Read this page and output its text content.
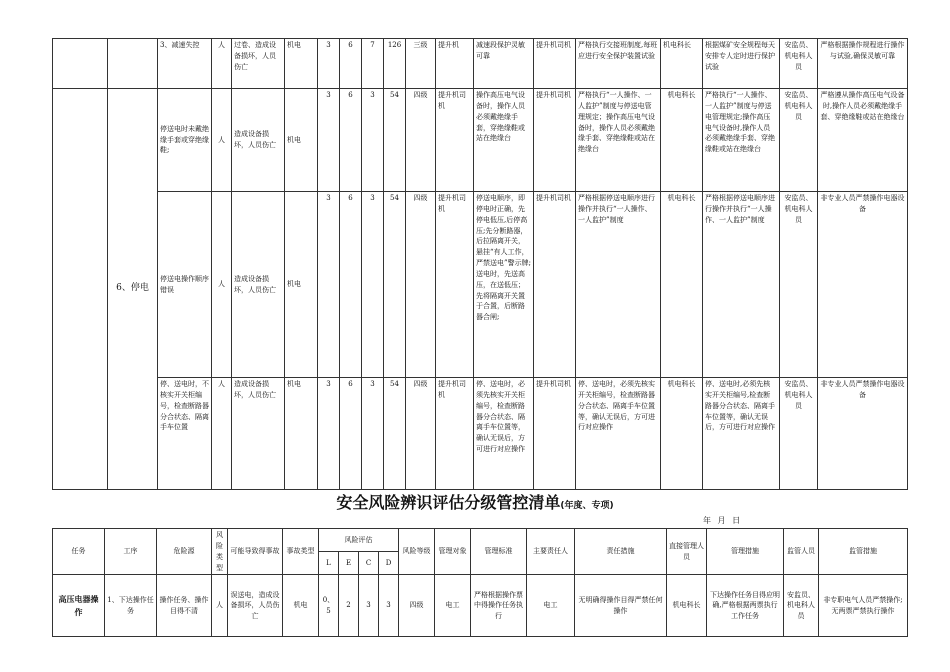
		3、减速失控	人	过卷、造成设备损坏，人员伤亡	机电	3	6	7	126	三级	提升机	减速段保护灵敏可靠	提升机司机	严格执行交接班制度,每班应进行安全保护装置试验	机电科长	根据煤矿安全规程每天安排专人定时进行保护试验	安监员、机电科人员	严格根据操作规程进行操作与试验,确保灵敏可靠
	6、停电	停送电时未戴绝缘手套或穿绝缘鞋;	人	造成设备损坏，人员伤亡	机电	3	6	3	54	四级	提升机司机	操作高压电气设备时，操作人员必须戴绝缘手套，穿绝缘鞋或站在绝缘台	提升机司机	严格执行“一人操作、一人监护”制度与停送电管理规定；操作高压电气设备时，操作人员必须戴绝缘手套、穿绝缘鞋或站在绝缘台	机电科长	严格执行“一人操作、一人监护”制度与停送电管理规定;操作高压电气设备时,操作人员必须戴绝缘手套、穿绝缘鞋或站在绝缘台	安监员、机电科人员	严格遵从操作高压电气设备时,操作人员必须戴绝缘手套、穿绝缘鞋或站在绝缘台
		停送电操作顺序错误	人	造成设备损坏，人员伤亡	机电	3	6	3	54	四级	提升机司机	停送电顺序，即停电时正确，先停电低压,后停高压;先分断路器，后拉隔离开关，悬挂“有人工作，严禁送电”警示牌;送电时，先送高压，在送低压；先将隔离开关置于合置，后断路器合闸;	提升机司机	严格根据停送电顺序进行操作并执行“一人操作、一人监护”制度	机电科长	严格根据停送电顺序进行操作并执行“一人操作、一人监护”制度	安监员、机电科人员	非专业人员严禁操作电器设备
		停、送电时，不核实开关柜编号，检查断路器分合状态、隔离手车位置	人	造成设备损坏，人员伤亡	机电	3	6	3	54	四级	提升机司机	停、送电时，必须先核实开关柜编号，检查断路器分合状态、隔离手车位置等，确认无误后，方可进行对应操作	提升机司机	停、送电时，必须先核实开关柜编号，检查断路器分合状态、隔离手车位置等，确认无误后，方可进行对应操作	机电科长	停、送电时,必须先核实开关柜编号,检查断路器分合状态、隔离手车位置等，确认无误后，方可进行对应操作	安监员、机电科人员	非专业人员严禁操作电器设备
安全风险辨识评估分级管控清单(年度、专项)
年 月 日
任务	工序	危险源	风险类型	可能导致得事故	事故类型	风险评估				风险等级	管理对象	管理标准	主要责任人	责任措施	直接管理人员	管理措施	监管人员	监管措施
						L	E	C	D									
高压电器操作	1、下达操作任务	操作任务、操作目得不清	人	误送电，造成设备损坏，人员伤亡	机电	0、5	2	3	3	四级	电工	严格根据操作票中得操作任务执行	电工	无明确得操作目得严禁任何操作	机电科长	下达操作任务目得应明确,严格根据两票执行工作任务	安监员、机电科人员	非专职电气人员严禁操作;无两票严禁执行操作
